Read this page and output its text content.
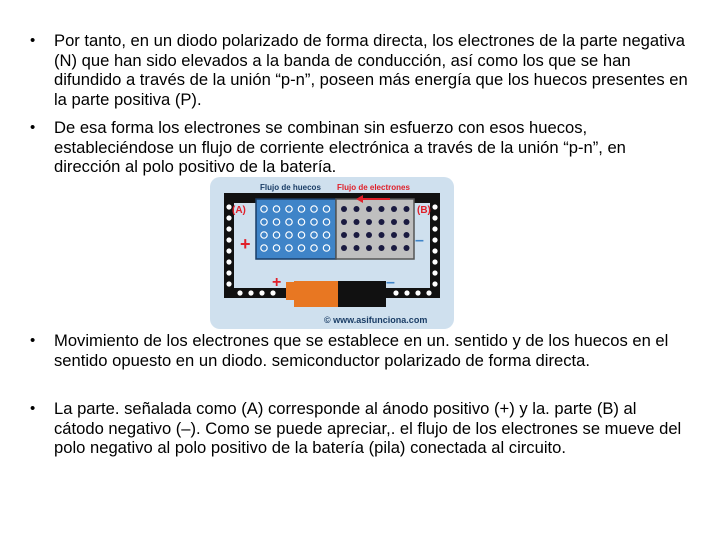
• Por tanto, en un diodo polarizado de forma directa, los electrones de la parte negativa (N) que han sido elevados a la banda de conducción, así como los que se han difundido a través de la unión “p-n”, poseen más energía que los huecos presentes en la parte positiva (P).
• De esa forma los electrones se combinan sin esfuerzo con esos huecos, estableciéndose un flujo de corriente electrónica a través de la unión “p-n”, en dirección al polo positivo de la batería.
Flujo de huecos Flujo de electrones
(A)	(B)
+	–
+	–
© www.asifunciona.com
• Movimiento de los electrones que se establece en un. sentido y de los huecos en el sentido opuesto en un diodo. semiconductor polarizado de forma directa.
• La parte. señalada como (A) corresponde al ánodo positivo (+) y la. parte (B) al cátodo negativo (–). Como se puede apreciar,. el flujo de los electrones se mueve del polo negativo al polo positivo de la batería (pila) conectada al circuito.
